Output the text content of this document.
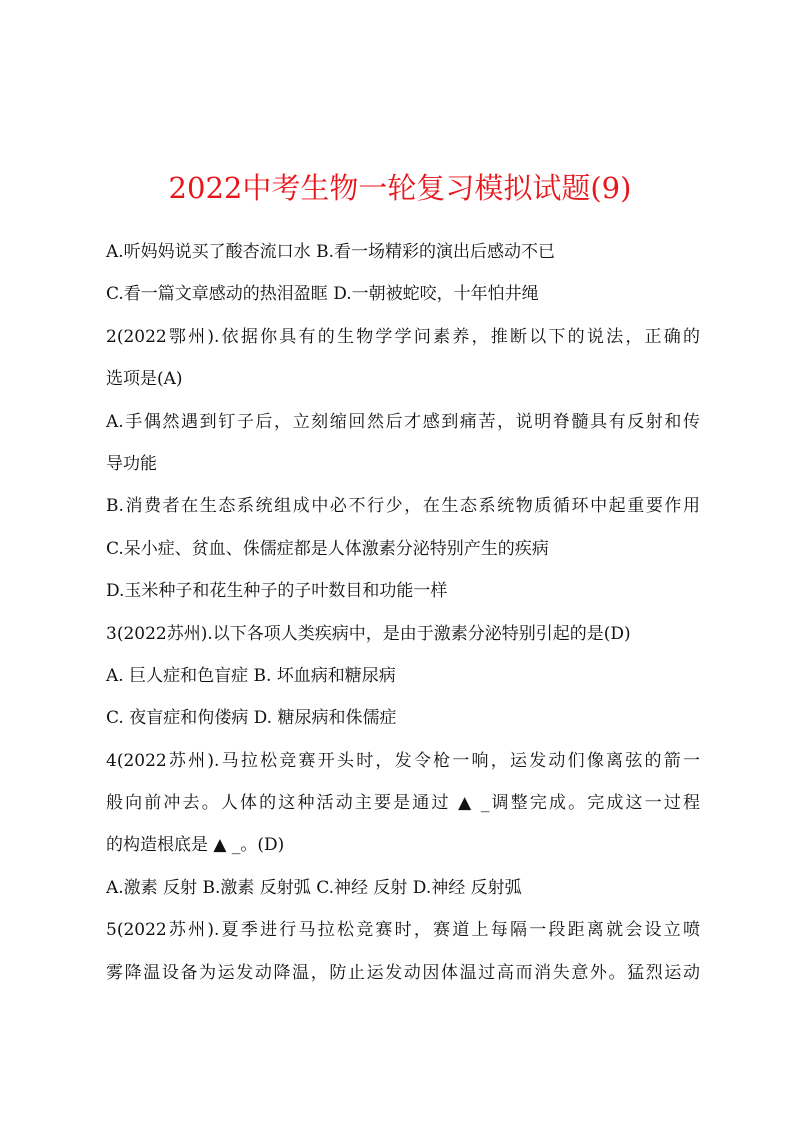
2022中考生物一轮复习模拟试题(9)
A.听妈妈说买了酸杏流口水 B.看一场精彩的演出后感动不已
C.看一篇文章感动的热泪盈眶 D.一朝被蛇咬，十年怕井绳
2(2022鄂州).依据你具有的生物学学问素养，推断以下的说法，正确的
选项是(A)
A.手偶然遇到钉子后，立刻缩回然后才感到痛苦，说明脊髓具有反射和传
导功能
B.消费者在生态系统组成中必不行少，在生态系统物质循环中起重要作用
C.呆小症、贫血、侏儒症都是人体激素分泌特别产生的疾病
D.玉米种子和花生种子的子叶数目和功能一样
3(2022苏州).以下各项人类疾病中，是由于激素分泌特别引起的是(D)
A. 巨人症和色盲症 B. 坏血病和糖尿病
C. 夜盲症和佝偻病 D. 糖尿病和侏儒症
4(2022苏州).马拉松竞赛开头时，发令枪一响，运发动们像离弦的箭一
般向前冲去。人体的这种活动主要是通过 ▲ _调整完成。完成这一过程
的构造根底是 ▲ _。(D)
A.激素 反射 B.激素 反射弧 C.神经 反射 D.神经 反射弧
5(2022苏州).夏季进行马拉松竞赛时，赛道上每隔一段距离就会设立喷
雾降温设备为运发动降温，防止运发动因体温过高而消失意外。猛烈运动
